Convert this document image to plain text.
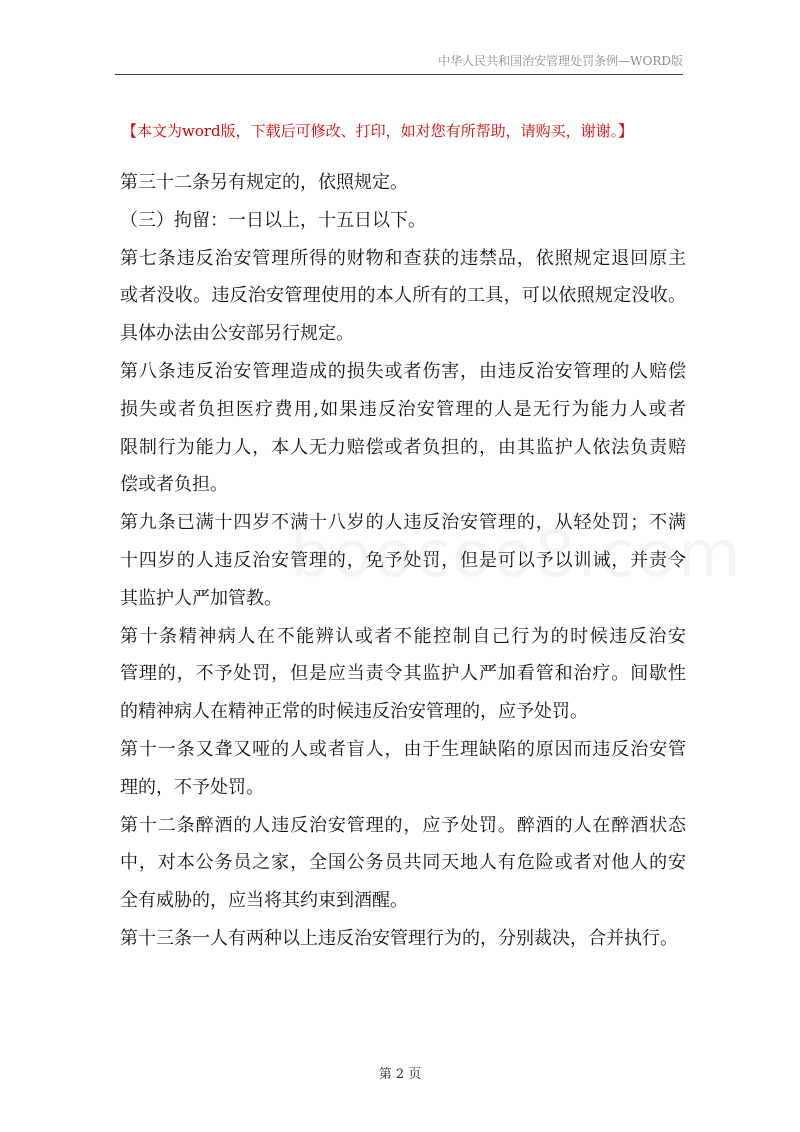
中华人民共和国治安管理处罚条例—WORD版
【本文为word版，下载后可修改、打印，如对您有所帮助，请购买，谢谢。】
第三十二条另有规定的，依照规定。
（三）拘留：一日以上，十五日以下。
第七条违反治安管理所得的财物和查获的违禁品，依照规定退回原主
或者没收。违反治安管理使用的本人所有的工具，可以依照规定没收。
具体办法由公安部另行规定。
第八条违反治安管理造成的损失或者伤害，由违反治安管理的人赔偿
损失或者负担医疗费用,如果违反治安管理的人是无行为能力人或者
限制行为能力人，本人无力赔偿或者负担的，由其监护人依法负责赔
偿或者负担。
第九条已满十四岁不满十八岁的人违反治安管理的，从轻处罚；不满
十四岁的人违反治安管理的，免予处罚，但是可以予以训诫，并责令
其监护人严加管教。
第十条精神病人在不能辨认或者不能控制自己行为的时候违反治安
管理的，不予处罚，但是应当责令其监护人严加看管和治疗。间歇性
的精神病人在精神正常的时候违反治安管理的，应予处罚。
第十一条又聋又哑的人或者盲人，由于生理缺陷的原因而违反治安管
理的，不予处罚。
第十二条醉酒的人违反治安管理的，应予处罚。醉酒的人在醉酒状态
中，对本公务员之家，全国公务员共同天地人有危险或者对他人的安
全有威胁的，应当将其约束到酒醒。
第十三条一人有两种以上违反治安管理行为的，分别裁决，合并执行。
第 2 页
